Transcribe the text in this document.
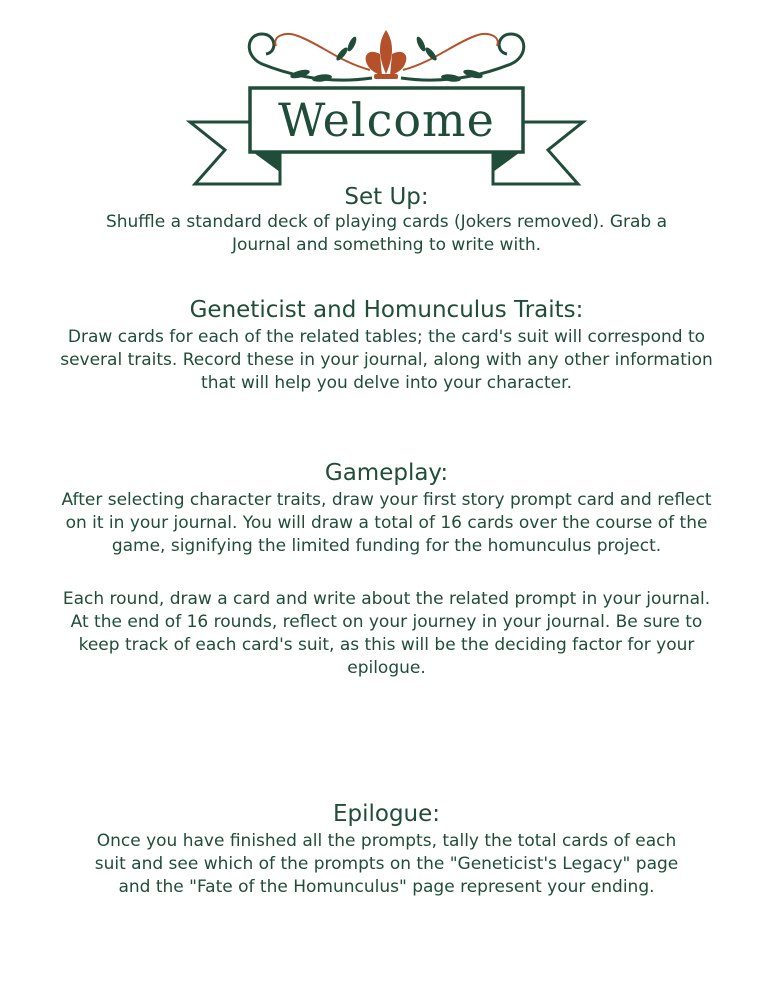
Welcome
Set Up:

Shuffle a standard deck of playing cards (Jokers removed). Grab a Journal and something to write with.

Geneticist and Homunculus Traits:

Draw cards for each of the related tables; the card's suit will correspond to several traits. Record these in your journal, along with any other information that will help you delve into your character.

Gameplay:

After selecting character traits, draw your first story prompt card and reflect on it in your journal. You will draw a total of 16 cards over the course of the game, signifying the limited funding for the homunculus project.

Each round, draw a card and write about the related prompt in your journal. At the end of 16 rounds, reflect on your journey in your journal. Be sure to keep track of each card's suit, as this will be the deciding factor for your epilogue.

Epilogue:

Once you have finished all the prompts, tally the total cards of each suit and see which of the prompts on the "Geneticist's Legacy" page and the "Fate of the Homunculus" page represent your ending.
